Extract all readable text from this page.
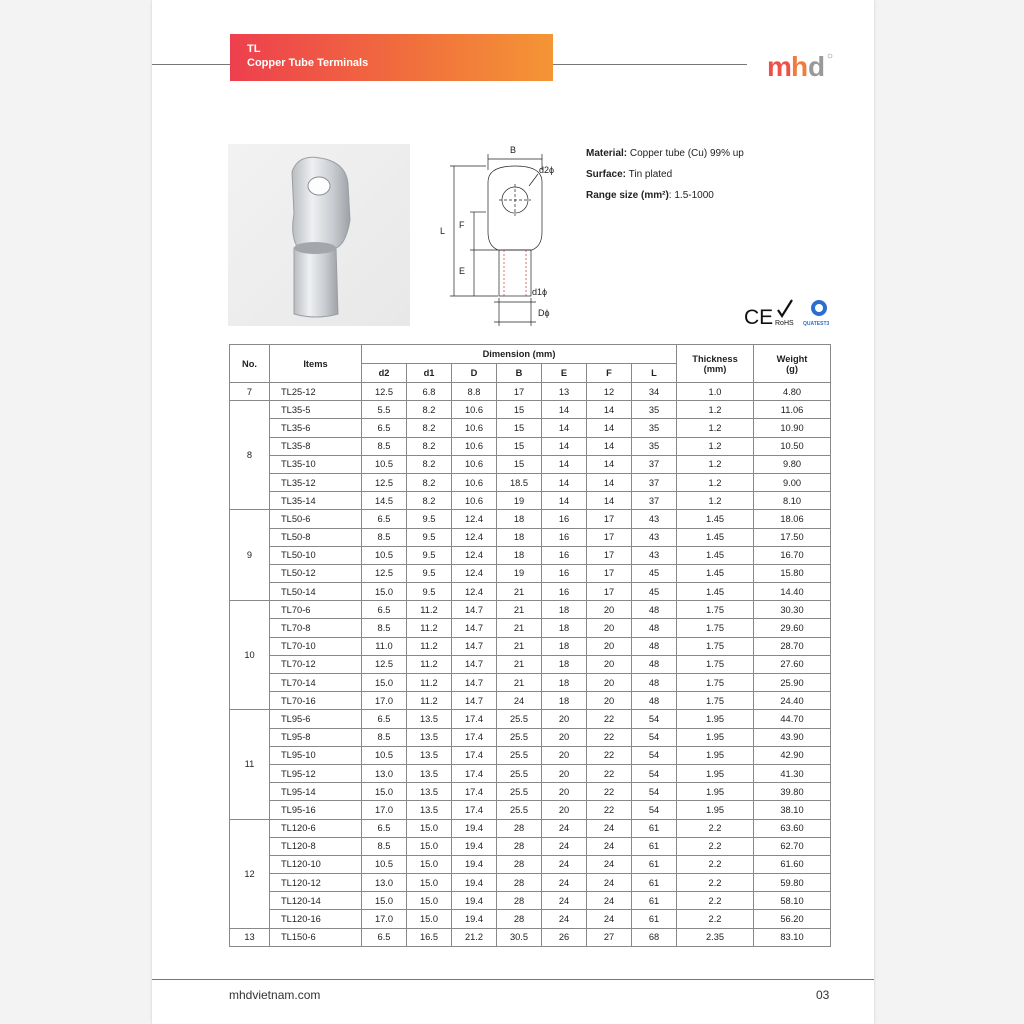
TL
Copper Tube Terminals	m h d
B
d2ϕ
L
F
E
d1ϕ
Dϕ
Material: Copper tube (Cu) 99% up
Surface: Tin plated
Range size (mm²): 1.5-1000
CE RoHS QUATEST3
No.	Items	Dimension (mm)							Thickness (mm)	Weight (g)
		d2	d1	D	B	E	F	L		
7	TL25-12	12.5	6.8	8.8	17	13	12	34	1.0	4.80
8	TL35-5	5.5	8.2	10.6	15	14	14	35	1.2	11.06
	TL35-6	6.5	8.2	10.6	15	14	14	35	1.2	10.90
	TL35-8	8.5	8.2	10.6	15	14	14	35	1.2	10.50
	TL35-10	10.5	8.2	10.6	15	14	14	37	1.2	9.80
	TL35-12	12.5	8.2	10.6	18.5	14	14	37	1.2	9.00
	TL35-14	14.5	8.2	10.6	19	14	14	37	1.2	8.10
9	TL50-6	6.5	9.5	12.4	18	16	17	43	1.45	18.06
	TL50-8	8.5	9.5	12.4	18	16	17	43	1.45	17.50
	TL50-10	10.5	9.5	12.4	18	16	17	43	1.45	16.70
	TL50-12	12.5	9.5	12.4	19	16	17	45	1.45	15.80
	TL50-14	15.0	9.5	12.4	21	16	17	45	1.45	14.40
10	TL70-6	6.5	11.2	14.7	21	18	20	48	1.75	30.30
	TL70-8	8.5	11.2	14.7	21	18	20	48	1.75	29.60
	TL70-10	11.0	11.2	14.7	21	18	20	48	1.75	28.70
	TL70-12	12.5	11.2	14.7	21	18	20	48	1.75	27.60
	TL70-14	15.0	11.2	14.7	21	18	20	48	1.75	25.90
	TL70-16	17.0	11.2	14.7	24	18	20	48	1.75	24.40
11	TL95-6	6.5	13.5	17.4	25.5	20	22	54	1.95	44.70
	TL95-8	8.5	13.5	17.4	25.5	20	22	54	1.95	43.90
	TL95-10	10.5	13.5	17.4	25.5	20	22	54	1.95	42.90
	TL95-12	13.0	13.5	17.4	25.5	20	22	54	1.95	41.30
	TL95-14	15.0	13.5	17.4	25.5	20	22	54	1.95	39.80
	TL95-16	17.0	13.5	17.4	25.5	20	22	54	1.95	38.10
12	TL120-6	6.5	15.0	19.4	28	24	24	61	2.2	63.60
	TL120-8	8.5	15.0	19.4	28	24	24	61	2.2	62.70
	TL120-10	10.5	15.0	19.4	28	24	24	61	2.2	61.60
	TL120-12	13.0	15.0	19.4	28	24	24	61	2.2	59.80
	TL120-14	15.0	15.0	19.4	28	24	24	61	2.2	58.10
	TL120-16	17.0	15.0	19.4	28	24	24	61	2.2	56.20
13	TL150-6	6.5	16.5	21.2	30.5	26	27	68	2.35	83.10
mhdvietnam.com	03
